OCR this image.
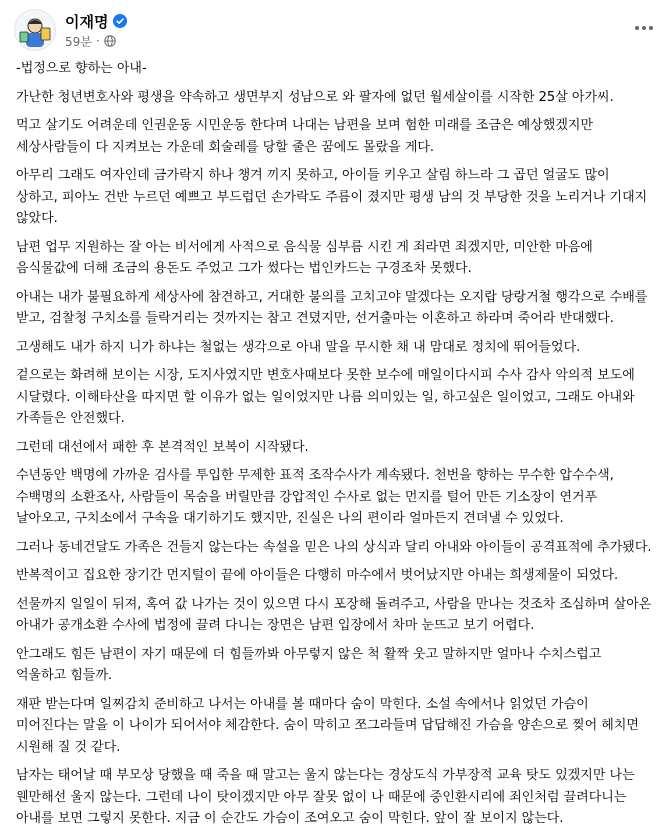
이재명
59분 ·

-법정으로 향하는 아내-

가난한 청년변호사와 평생을 약속하고 생면부지 성남으로 와 팔자에 없던 월세살이를 시작한 25살 아가씨.

먹고 살기도 어려운데 인권운동 시민운동 한다며 나대는 남편을 보며 험한 미래를 조금은 예상했겠지만 세상사람들이 다 지켜보는 가운데 회술레를 당할 줄은 꿈에도 몰랐을 게다.

아무리 그래도 여자인데 금가락지 하나 챙겨 끼지 못하고, 아이들 키우고 살림 하느라 그 곱던 얼굴도 많이 상하고, 피아노 건반 누르던 예쁘고 부드럽던 손가락도 주름이 졌지만 평생 남의 것 부당한 것을 노리거나 기대지 않았다.

남편 업무 지원하는 잘 아는 비서에게 사적으로 음식물 심부름 시킨 게 죄라면 죄겠지만, 미안한 마음에 음식물값에 더해 조금의 용돈도 주었고 그가 썼다는 법인카드는 구경조차 못했다.

아내는 내가 불필요하게 세상사에 참견하고, 거대한 불의를 고치고야 말겠다는 오지랍 당랑거철 행각으로 수배를 받고, 검찰청 구치소를 들락거리는 것까지는 참고 견뎠지만, 선거출마는 이혼하고 하라며 죽어라 반대했다.

고생해도 내가 하지 니가 하냐는 철없는 생각으로 아내 말을 무시한 채 내 맘대로 정치에 뛰어들었다.

겉으로는 화려해 보이는 시장, 도지사였지만 변호사때보다 못한 보수에 매일이다시피 수사 감사 악의적 보도에 시달렸다. 이해타산을 따지면 할 이유가 없는 일이었지만 나름 의미있는 일, 하고싶은 일이었고, 그래도 아내와 가족들은 안전했다.

그런데 대선에서 패한 후 본격적인 보복이 시작됐다.

수년동안 백명에 가까운 검사를 투입한 무제한 표적 조작수사가 계속됐다. 천번을 향하는 무수한 압수수색, 수백명의 소환조사, 사람들이 목숨을 버릴만큼 강압적인 수사로 없는 먼지를 털어 만든 기소장이 연거푸 날아오고, 구치소에서 구속을 대기하기도 했지만, 진실은 나의 편이라 얼마든지 견뎌낼 수 있었다.

그러나 동네건달도 가족은 건들지 않는다는 속설을 믿은 나의 상식과 달리 아내와 아이들이 공격표적에 추가됐다.

반복적이고 집요한 장기간 먼지털이 끝에 아이들은 다행히 마수에서 벗어났지만 아내는 희생제물이 되었다.

선물까지 일일이 뒤져, 혹여 값 나가는 것이 있으면 다시 포장해 돌려주고, 사람을 만나는 것조차 조심하며 살아온 아내가 공개소환 수사에 법정에 끌려 다니는 장면은 남편 입장에서 차마 눈뜨고 보기 어렵다.

안그래도 힘든 남편이 자기 때문에 더 힘들까봐 아무렇지 않은 척 활짝 웃고 말하지만 얼마나 수치스럽고 억울하고 힘들까.

재판 받는다며 일찌감치 준비하고 나서는 아내를 볼 때마다 숨이 막힌다. 소설 속에서나 읽었던 가슴이 미어진다는 말을 이 나이가 되어서야 체감한다. 숨이 막히고 쪼그라들며 답답해진 가슴을 양손으로 찢어 헤치면 시원해 질 것 같다.

남자는 태어날 때 부모상 당했을 때 죽을 때 말고는 울지 않는다는 경상도식 가부장적 교육 탓도 있겠지만 나는 웬만해선 울지 않는다. 그런데 나이 탓이겠지만 아무 잘못 없이 나 때문에 중인환시리에 죄인처럼 끌려다니는 아내를 보면 그렇지 못한다. 지금 이 순간도 가슴이 조여오고 숨이 막힌다. 앞이 잘 보이지 않는다.
